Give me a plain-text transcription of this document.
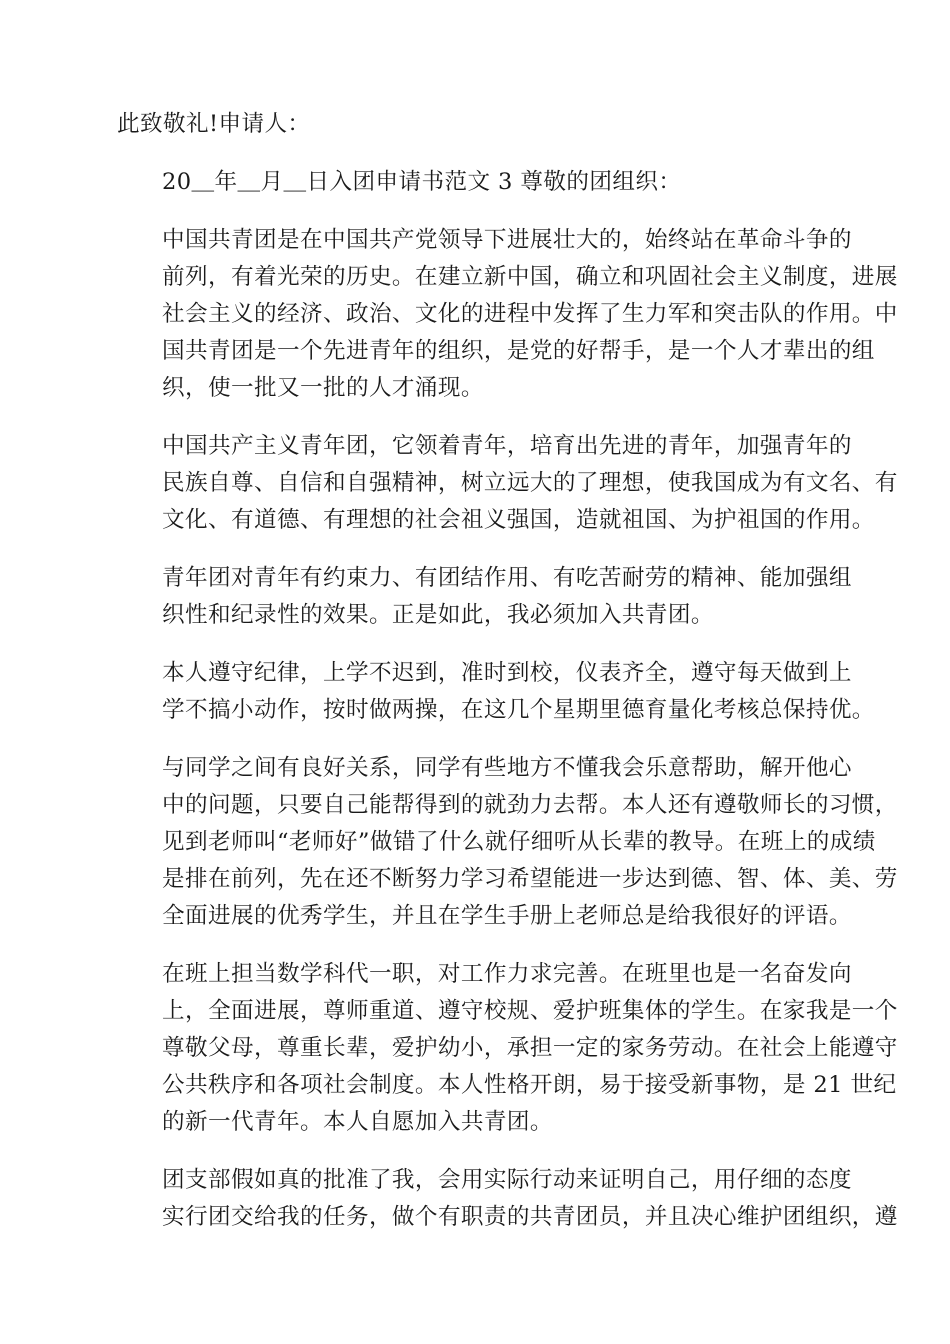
此致敬礼!申请人：

20＿年＿月＿日入团申请书范文 3 尊敬的团组织：

中国共青团是在中国共产党领导下进展壮大的，始终站在革命斗争的
前列，有着光荣的历史。在建立新中国，确立和巩固社会主义制度，进展
社会主义的经济、政治、文化的进程中发挥了生力军和突击队的作用。中
国共青团是一个先进青年的组织，是党的好帮手，是一个人才辈出的组
织，使一批又一批的人才涌现。

中国共产主义青年团，它领着青年，培育出先进的青年，加强青年的
民族自尊、自信和自强精神，树立远大的了理想，使我国成为有文名、有
文化、有道德、有理想的社会祖义强国，造就祖国、为护祖国的作用。

青年团对青年有约束力、有团结作用、有吃苦耐劳的精神、能加强组
织性和纪录性的效果。正是如此，我必须加入共青团。

本人遵守纪律，上学不迟到，准时到校，仪表齐全，遵守每天做到上
学不搞小动作，按时做两操，在这几个星期里德育量化考核总保持优。

与同学之间有良好关系，同学有些地方不懂我会乐意帮助，解开他心
中的问题，只要自己能帮得到的就劲力去帮。本人还有遵敬师长的习惯，
见到老师叫“老师好”做错了什么就仔细听从长辈的教导。在班上的成绩
是排在前列，先在还不断努力学习希望能进一步达到德、智、体、美、劳
全面进展的优秀学生，并且在学生手册上老师总是给我很好的评语。

在班上担当数学科代一职，对工作力求完善。在班里也是一名奋发向
上，全面进展，尊师重道、遵守校规、爱护班集体的学生。在家我是一个
尊敬父母，尊重长辈，爱护幼小，承担一定的家务劳动。在社会上能遵守
公共秩序和各项社会制度。本人性格开朗，易于接受新事物，是 21 世纪
的新一代青年。本人自愿加入共青团。

团支部假如真的批准了我，会用实际行动来证明自己，用仔细的态度
实行团交给我的任务，做个有职责的共青团员，并且决心维护团组织，遵
